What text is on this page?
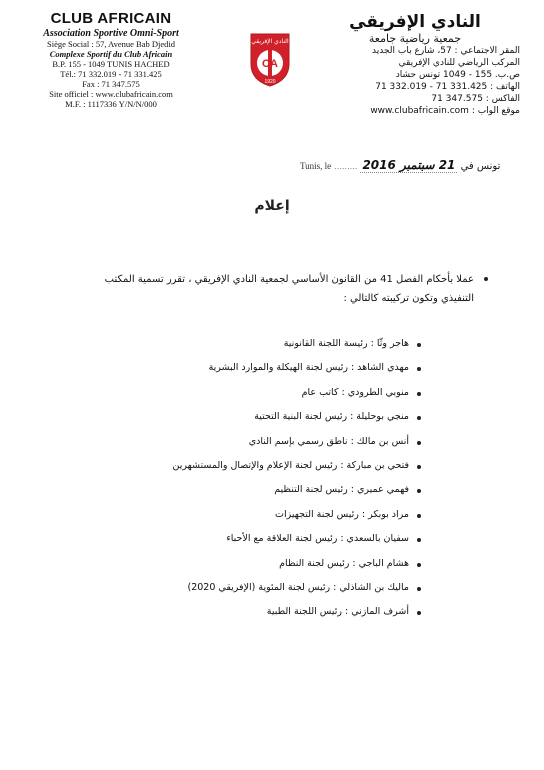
CLUB AFRICAIN
Association Sportive Omni-Sport
Siège Social : 57, Avenue Bab Djedid
Complexe Sportif du Club Africain
B.P. 155 - 1049 TUNIS HACHED
Tél.: 71 332.019 - 71 331.425
Fax : 71 347.575
Site officiel : www.clubafricain.com
M.F. : 1117336 Y/N/N/000
النادي الإفريقي
CA
1920
النادي الإفريقي
جمعية رياضية جامعة
المقر الاجتماعي : 57، شارع باب الجديد
المركب الرياضي للنادي الإفريقي
ص.ب. 155 - 1049 تونس حشاد
الهاتف : 71 332.019 - 71 331.425
الفاكس : 71 347.575
موقع الواب : www.clubafricain.com
Tunis, le ......... 21 سبتمبر 2016 تونس في
إعلام
عملا بأحكام الفصل 41 من القانون الأساسي لجمعية النادي الإفريقي ، تقرر تسمية المكتب التنفيذي وتكون تركيبته كالتالي :
هاجر وثّا : رئيسة اللجنة القانونية
مهدي الشاهد : رئيس لجنة الهيكلة والموارد البشرية
منوبي الطرودي : كاتب عام
منجي بوحليلة : رئيس لجنة البنية التحتية
أنس بن مالك : ناطق رسمي بإسم النادي
فتحي بن مباركة : رئيس لجنة الإعلام والإتصال والمستشهرين
فهمي عميري : رئيس لجنة التنظيم
مراد بوبكر : رئيس لجنة التجهيزات
سفيان بالسعدي : رئيس لجنة العلاقة مع الأحباء
هشام الباجي : رئيس لجنة النظام
ماليك بن الشاذلي : رئيس لجنة المئوية (الإفريقي 2020)
أشرف المازني : رئيس اللجنة الطبية
